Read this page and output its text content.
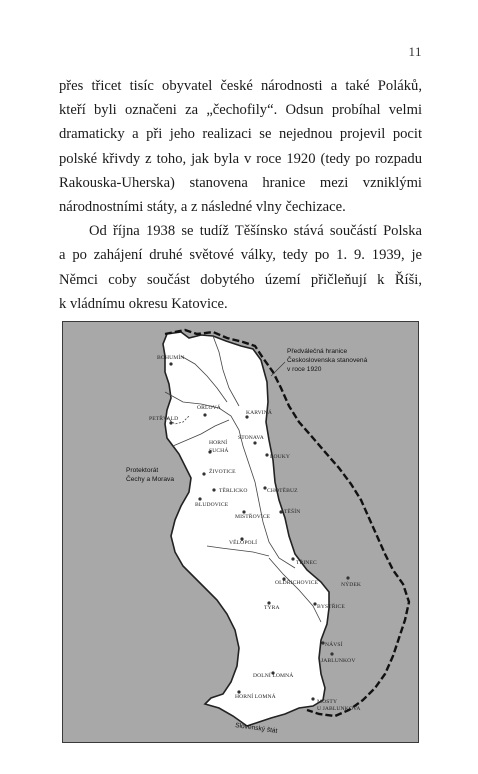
11
přes třicet tisíc obyvatel české národnosti a také Poláků,
kteří byli označeni za „čechofily“. Odsun probíhal velmi
dramaticky a při jeho realizaci se nejednou projevil pocit
polské křivdy z toho, jak byla v roce 1920 (tedy po rozpadu
Rakouska-Uherska) stanovena hranice mezi vzniklými
národnostními státy, a z následné vlny čechizace.
Od října 1938 se tudíž Těšínsko stává součástí Polska
a po zahájení druhé světové války, tedy po 1. 9. 1939, je
Němci coby součást dobytého území přičleňují k Říši,
k vládnímu okresu Katovice.
BOHUMÍN
PETŘVALD
ORLOVÁ
KARVINÁ
HORNÍ
SUCHÁ
STONAVA
LOUKY
ŽIVOTICE
TĚRLICKO	CHOTĚBUZ
BLUDOVICE
MISTŘOVICE
TĚŠÍN
VĚLOPOLÍ
TŘINEC
NÝDEK
OLDŘICHOVICE
TYRA	BYSTŘICE
NÁVSÍ
JABLUNKOV
DOLNÍ LOMNÁ
HORNÍ LOMNÁ
MOSTY
U JABLUNKOVA
Protektorát
Čechy a Morava
Slovenský štát
Předválečná hranice
Československa stanovená
v roce 1920
